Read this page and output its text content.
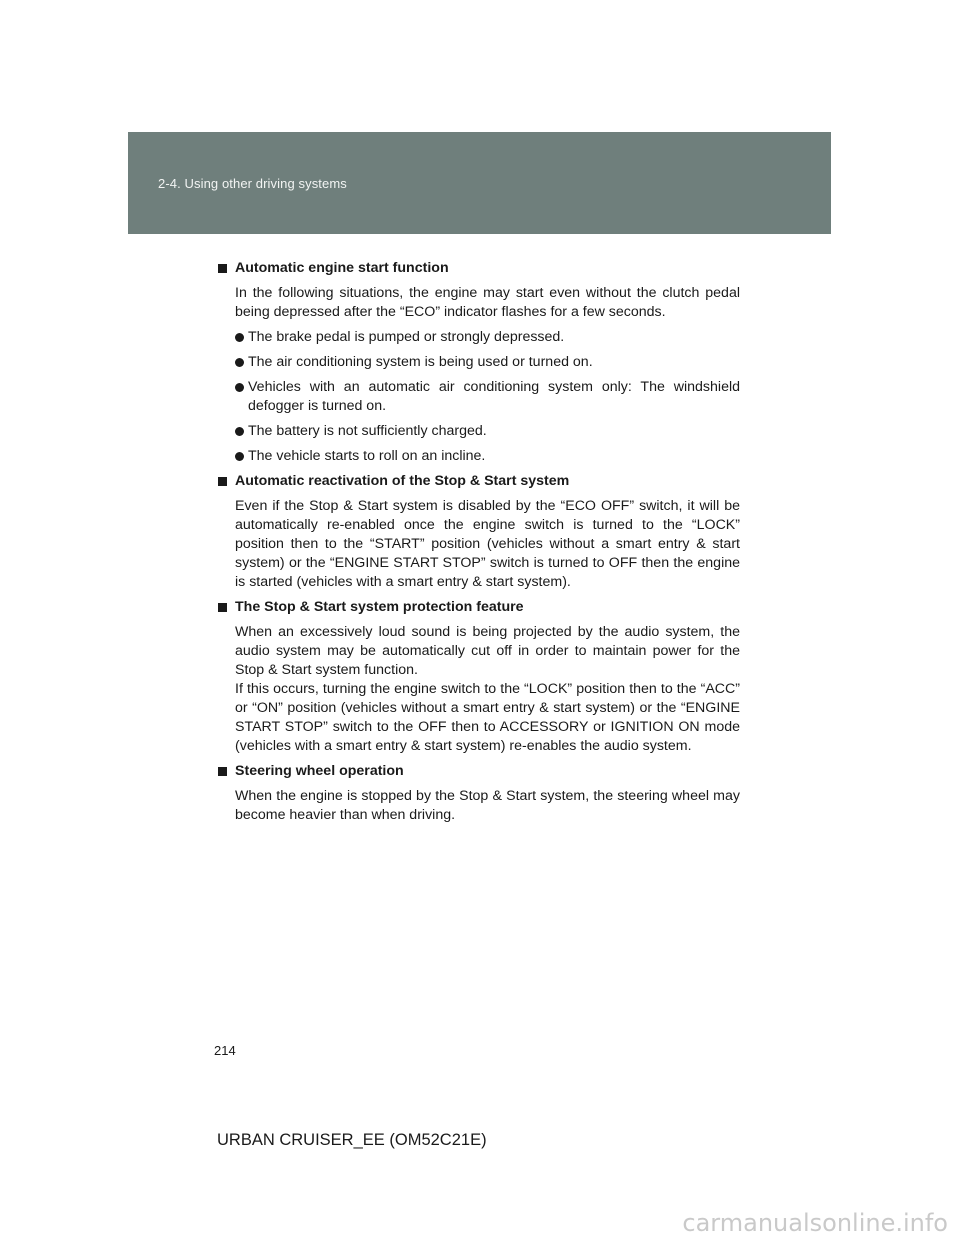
2-4. Using other driving systems
Automatic engine start function

In the following situations, the engine may start even without the clutch pedal being depressed after the “ECO” indicator flashes for a few seconds.

The brake pedal is pumped or strongly depressed.
The air conditioning system is being used or turned on.
Vehicles with an automatic air conditioning system only: The windshield defogger is turned on.
The battery is not sufficiently charged.
The vehicle starts to roll on an incline.
Automatic reactivation of the Stop & Start system

Even if the Stop & Start system is disabled by the “ECO OFF” switch, it will be automatically re-enabled once the engine switch is turned to the “LOCK” position then to the “START” position (vehicles without a smart entry & start system) or the “ENGINE START STOP” switch is turned to OFF then the engine is started (vehicles with a smart entry & start system).

The Stop & Start system protection feature

When an excessively loud sound is being projected by the audio system, the audio system may be automatically cut off in order to maintain power for the Stop & Start system function.

If this occurs, turning the engine switch to the “LOCK” position then to the “ACC” or “ON” position (vehicles without a smart entry & start system) or the “ENGINE START STOP” switch to the OFF then to ACCESSORY or IGNITION ON mode (vehicles with a smart entry & start system) re-enables the audio system.

Steering wheel operation

When the engine is stopped by the Stop & Start system, the steering wheel may become heavier than when driving.

214
URBAN CRUISER_EE (OM52C21E)
carmanualsonline.info
